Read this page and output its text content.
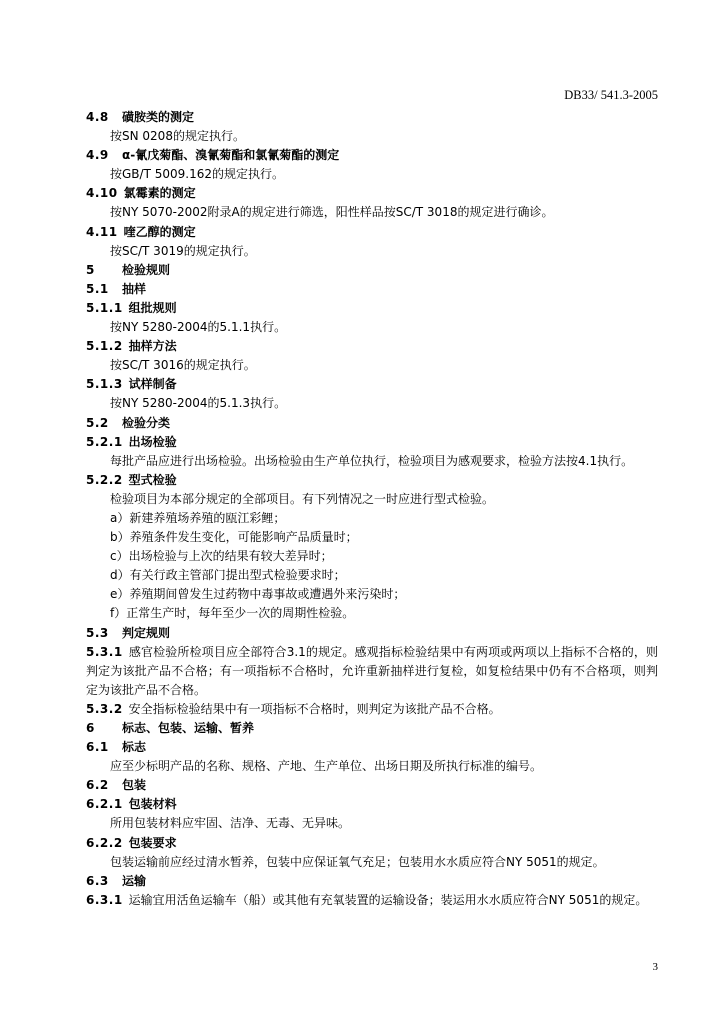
DB33/ 541.3-2005

4.8  磺胺类的测定

按SN 0208的规定执行。

4.9  α-氰戊菊酯、溴氰菊酯和氯氰菊酯的测定

按GB/T 5009.162的规定执行。

4.10  氯霉素的测定

按NY 5070-2002附录A的规定进行筛选，阳性样品按SC/T 3018的规定进行确诊。

4.11  喹乙醇的测定

按SC/T 3019的规定执行。

5  检验规则

5.1  抽样

5.1.1  组批规则

按NY 5280-2004的5.1.1执行。

5.1.2  抽样方法

按SC/T 3016的规定执行。

5.1.3  试样制备

按NY 5280-2004的5.1.3执行。

5.2  检验分类

5.2.1  出场检验

每批产品应进行出场检验。出场检验由生产单位执行，检验项目为感观要求，检验方法按4.1执行。

5.2.2  型式检验

检验项目为本部分规定的全部项目。有下列情况之一时应进行型式检验。

a）新建养殖场养殖的瓯江彩鲤；

b）养殖条件发生变化，可能影响产品质量时；

c）出场检验与上次的结果有较大差异时；

d）有关行政主管部门提出型式检验要求时；

e）养殖期间曾发生过药物中毒事故或遭遇外来污染时；

f）正常生产时，每年至少一次的周期性检验。

5.3  判定规则

5.3.1  感官检验所检项目应全部符合3.1的规定。感观指标检验结果中有两项或两项以上指标不合格的，则判定为该批产品不合格；有一项指标不合格时，允许重新抽样进行复检，如复检结果中仍有不合格项，则判定为该批产品不合格。

5.3.2  安全指标检验结果中有一项指标不合格时，则判定为该批产品不合格。

6  标志、包装、运输、暂养

6.1  标志

应至少标明产品的名称、规格、产地、生产单位、出场日期及所执行标准的编号。

6.2  包装

6.2.1  包装材料

所用包装材料应牢固、洁净、无毒、无异味。

6.2.2  包装要求

包装运输前应经过清水暂养，包装中应保证氧气充足；包装用水水质应符合NY 5051的规定。

6.3  运输

6.3.1  运输宜用活鱼运输车（船）或其他有充氧装置的运输设备；装运用水水质应符合NY 5051的规定。

3
